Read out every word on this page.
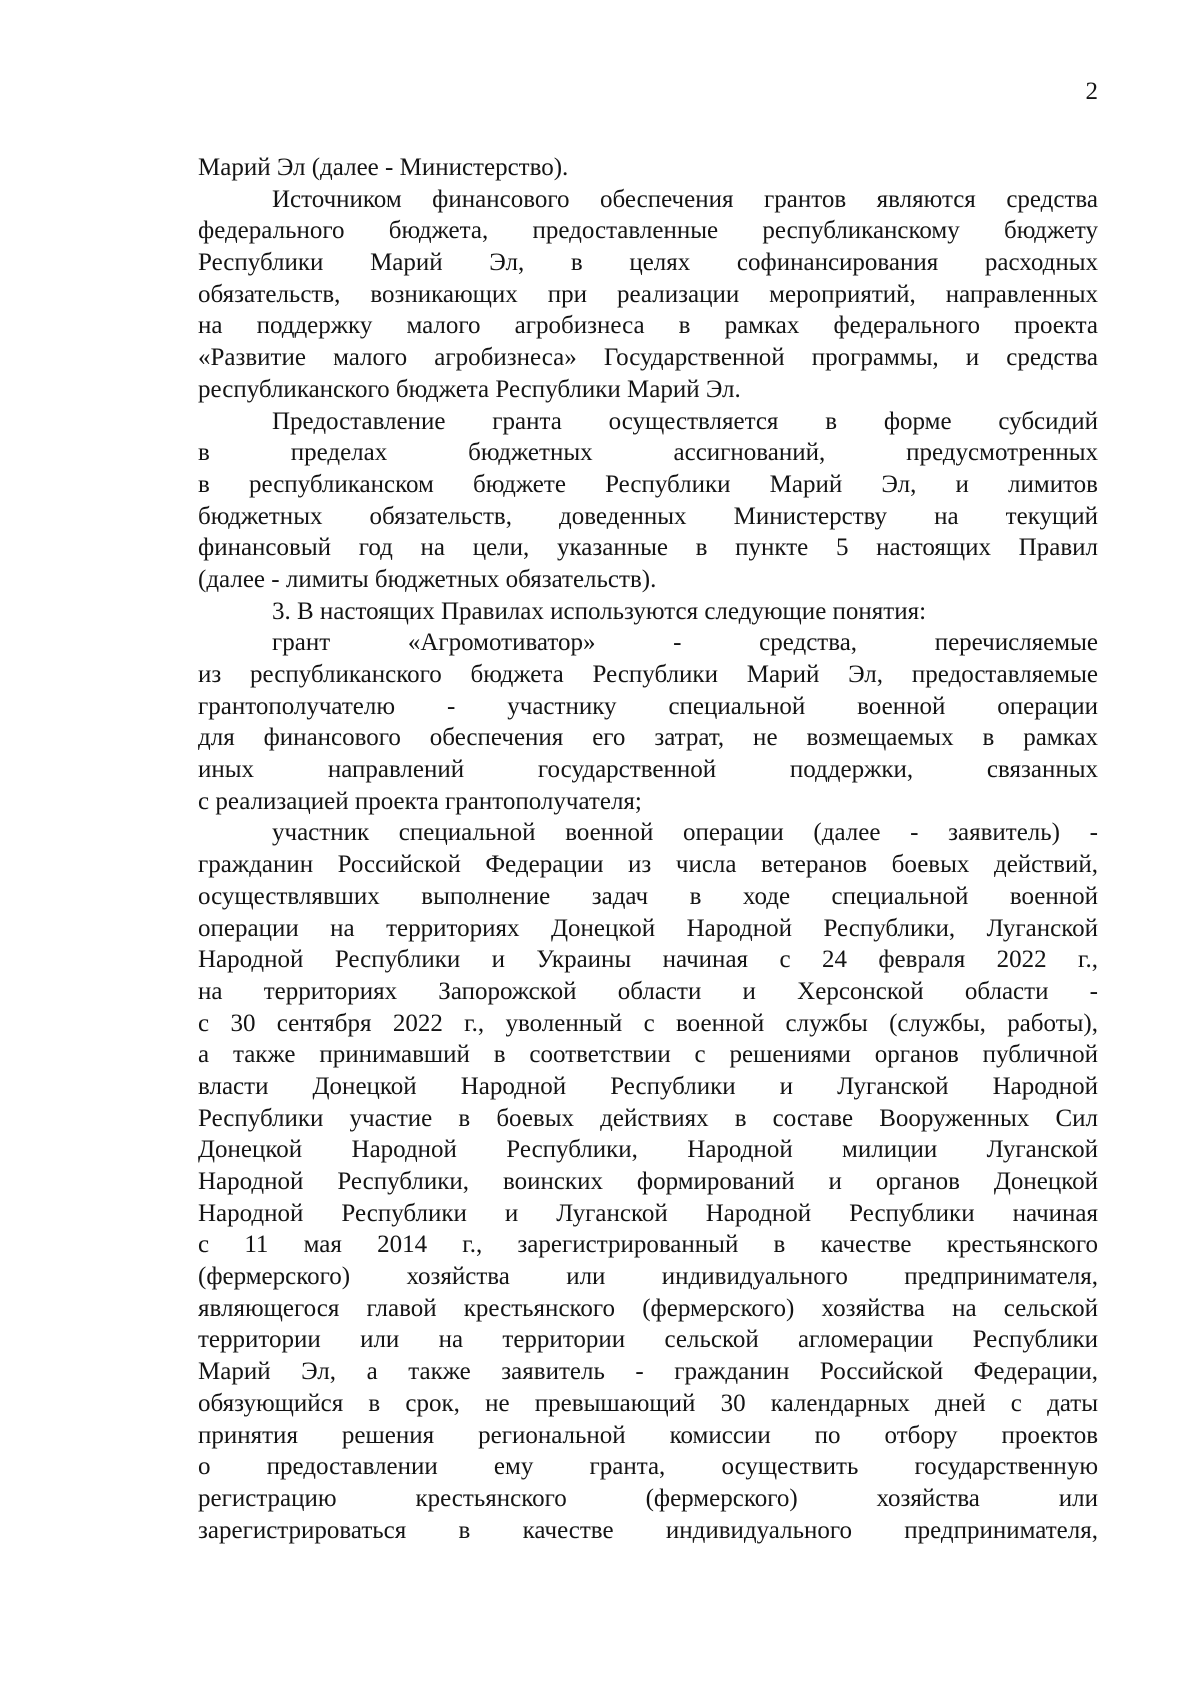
2
Марий Эл (далее - Министерство).
Источником финансового обеспечения грантов являются средства
федерального бюджета, предоставленные республиканскому бюджету
Республики Марий Эл, в целях софинансирования расходных
обязательств, возникающих при реализации мероприятий, направленных
на поддержку малого агробизнеса в рамках федерального проекта
«Развитие малого агробизнеса» Государственной программы, и средства
республиканского бюджета Республики Марий Эл.
Предоставление гранта осуществляется в форме субсидий
в пределах бюджетных ассигнований, предусмотренных
в республиканском бюджете Республики Марий Эл, и лимитов
бюджетных обязательств, доведенных Министерству на текущий
финансовый год на цели, указанные в пункте 5 настоящих Правил
(далее - лимиты бюджетных обязательств).
3. В настоящих Правилах используются следующие понятия:
грант «Агромотиватор» - средства, перечисляемые
из республиканского бюджета Республики Марий Эл, предоставляемые
грантополучателю - участнику специальной военной операции
для финансового обеспечения его затрат, не возмещаемых в рамках
иных направлений государственной поддержки, связанных
с реализацией проекта грантополучателя;
участник специальной военной операции (далее - заявитель) -
гражданин Российской Федерации из числа ветеранов боевых действий,
осуществлявших выполнение задач в ходе специальной военной
операции на территориях Донецкой Народной Республики, Луганской
Народной Республики и Украины начиная с 24 февраля 2022 г.,
на территориях Запорожской области и Херсонской области -
с 30 сентября 2022 г., уволенный с военной службы (службы, работы),
а также принимавший в соответствии с решениями органов публичной
власти Донецкой Народной Республики и Луганской Народной
Республики участие в боевых действиях в составе Вооруженных Сил
Донецкой Народной Республики, Народной милиции Луганской
Народной Республики, воинских формирований и органов Донецкой
Народной Республики и Луганской Народной Республики начиная
с 11 мая 2014 г., зарегистрированный в качестве крестьянского
(фермерского) хозяйства или индивидуального предпринимателя,
являющегося главой крестьянского (фермерского) хозяйства на сельской
территории или на территории сельской агломерации Республики
Марий Эл, а также заявитель - гражданин Российской Федерации,
обязующийся в срок, не превышающий 30 календарных дней с даты
принятия решения региональной комиссии по отбору проектов
о предоставлении ему гранта, осуществить государственную
регистрацию крестьянского (фермерского) хозяйства или
зарегистрироваться в качестве индивидуального предпринимателя,
